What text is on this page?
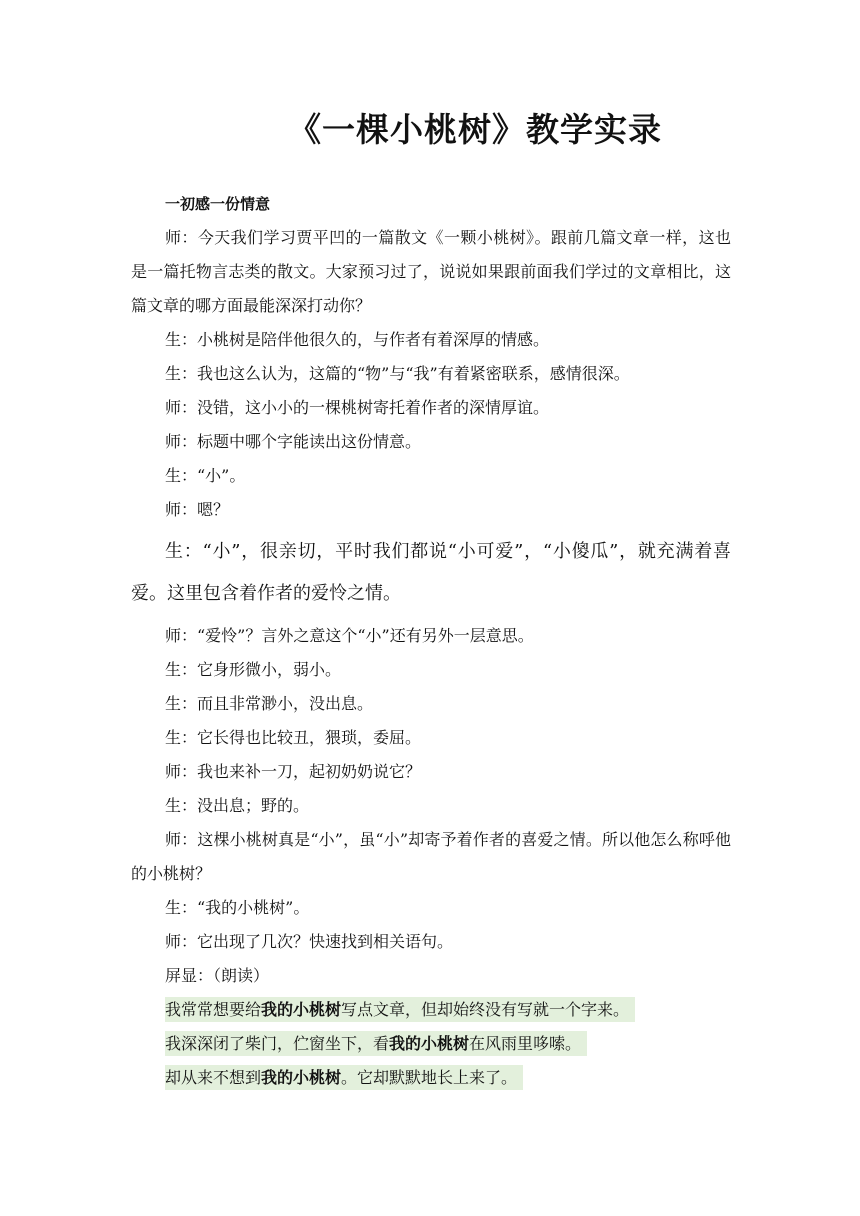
《一棵小桃树》教学实录

一初感一份情意

师：今天我们学习贾平凹的一篇散文《一颗小桃树》。跟前几篇文章一样，这也是一篇托物言志类的散文。大家预习过了，说说如果跟前面我们学过的文章相比，这篇文章的哪方面最能深深打动你？

生：小桃树是陪伴他很久的，与作者有着深厚的情感。

生：我也这么认为，这篇的“物”与“我”有着紧密联系，感情很深。

师：没错，这小小的一棵桃树寄托着作者的深情厚谊。

师：标题中哪个字能读出这份情意。

生：“小”。

师：嗯？

生：“小”，很亲切，平时我们都说“小可爱”，“小傻瓜”，就充满着喜爱。这里包含着作者的爱怜之情。

师：“爱怜”？言外之意这个“小”还有另外一层意思。

生：它身形微小，弱小。

生：而且非常渺小，没出息。

生：它长得也比较丑，猥琐，委屈。

师：我也来补一刀，起初奶奶说它？

生：没出息；野的。

师：这棵小桃树真是“小”，虽“小”却寄予着作者的喜爱之情。所以他怎么称呼他的小桃树？

生：“我的小桃树”。

师：它出现了几次？快速找到相关语句。

屏显：（朗读）

我常常想要给我的小桃树写点文章，但却始终没有写就一个字来。

我深深闭了柴门，伫窗坐下，看我的小桃树在风雨里哆嗦。

却从来不想到我的小桃树。它却默默地长上来了。
